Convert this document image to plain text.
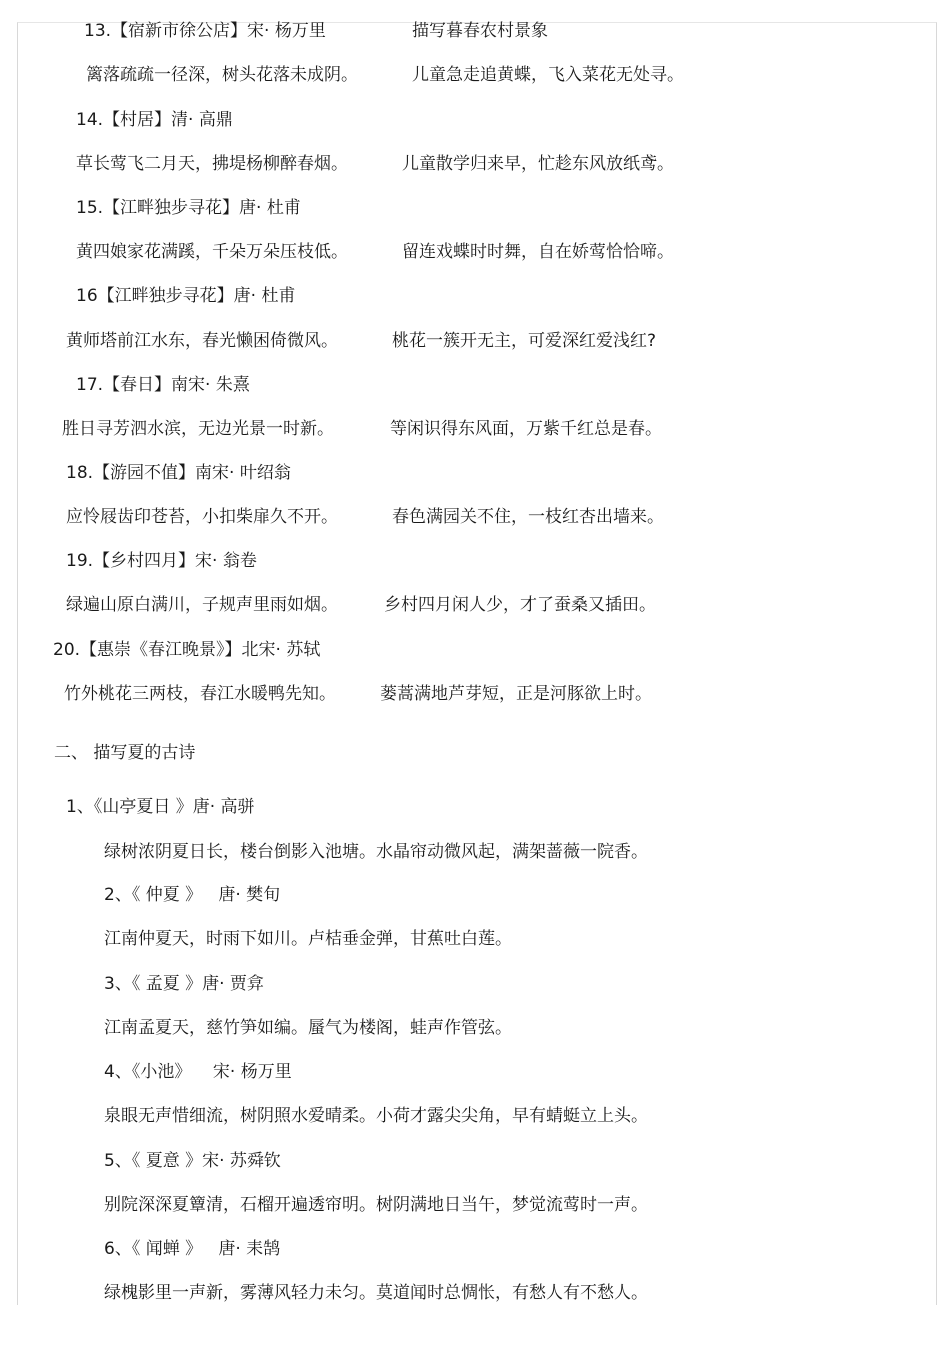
13.【宿新市徐公店】宋· 杨万里	描写暮春农村景象
篱落疏疏一径深，树头花落未成阴。	儿童急走追黄蝶，飞入菜花无处寻。
14.【村居】清· 高鼎
草长莺飞二月天，拂堤杨柳醉春烟。	儿童散学归来早，忙趁东风放纸鸢。
15.【江畔独步寻花】唐· 杜甫
黄四娘家花满蹊，千朵万朵压枝低。	留连戏蝶时时舞，自在娇莺恰恰啼。
16【江畔独步寻花】唐· 杜甫
黄师塔前江水东，春光懒困倚微风。	桃花一簇开无主，可爱深红爱浅红?
17.【春日】南宋· 朱熹
胜日寻芳泗水滨，无边光景一时新。	等闲识得东风面，万紫千红总是春。
18.【游园不值】南宋· 叶绍翁
应怜屐齿印苍苔，小扣柴扉久不开。	春色满园关不住，一枝红杏出墙来。
19.【乡村四月】宋· 翁卷
绿遍山原白满川，子规声里雨如烟。	乡村四月闲人少，才了蚕桑又插田。
20.【惠崇《春江晚景》】北宋· 苏轼
竹外桃花三两枝，春江水暖鸭先知。	蒌蒿满地芦芽短，正是河豚欲上时。
二、 描写夏的古诗
1、《山亭夏日 》唐· 高骈
绿树浓阴夏日长，楼台倒影入池塘。水晶帘动微风起，满架蔷薇一院香。
2、《 仲夏 》   唐· 樊旬
江南仲夏天，时雨下如川。卢桔垂金弹，甘蕉吐白莲。
3、《 孟夏 》唐· 贾弇
江南孟夏天，慈竹笋如编。蜃气为楼阁，蛙声作管弦。
4、《小池》    宋· 杨万里
泉眼无声惜细流，树阴照水爱晴柔。小荷才露尖尖角，早有蜻蜓立上头。
5、《 夏意 》宋· 苏舜钦
别院深深夏簟清，石榴开遍透帘明。树阴满地日当午，梦觉流莺时一声。
6、《 闻蝉 》   唐· 耒鹄
绿槐影里一声新，雾薄风轻力未匀。莫道闻时总惆怅，有愁人有不愁人。
